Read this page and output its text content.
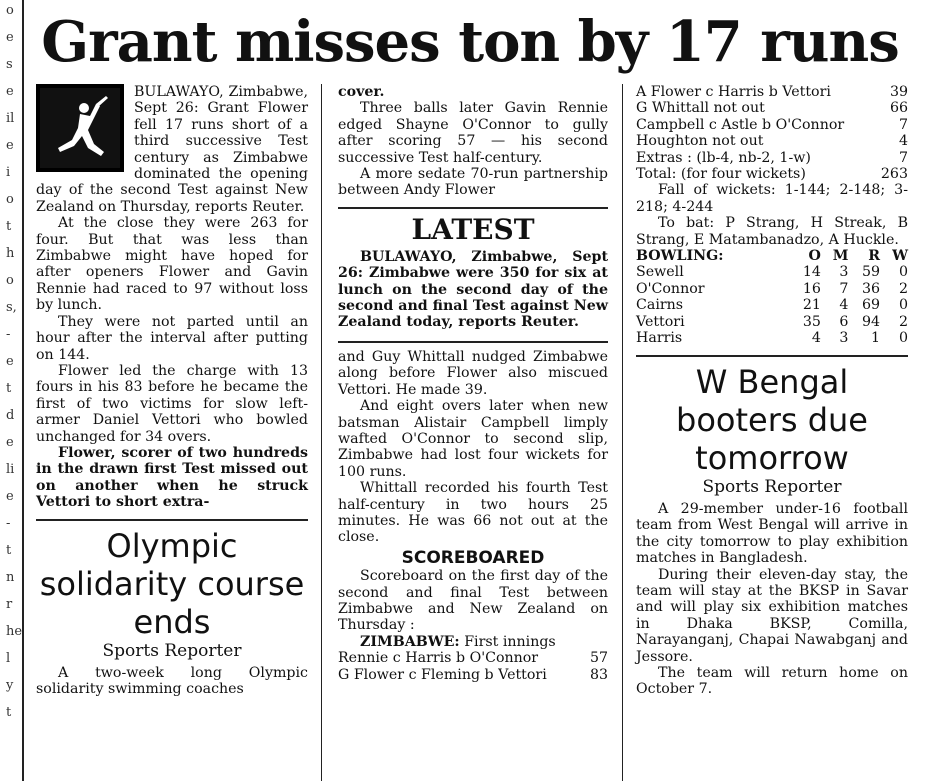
o
e
s
e
il
e
i
o
t
h
o
s,
-
e
t
d
e
li
e
-
t
n
r
he
l
y
t
Grant misses ton by 17 runs

BULAWAYO, Zimbabwe, Sept 26: Grant Flower fell 17 runs short of a third successive Test century as Zimbabwe dominated the opening day of the second Test against New Zealand on Thursday, reports Reuter.

At the close they were 263 for four. But that was less than Zimbabwe might have hoped for after openers Flower and Gavin Rennie had raced to 97 without loss by lunch.

They were not parted until an hour after the interval after putting on 144.

Flower led the charge with 13 fours in his 83 before he became the first of two victims for slow left-armer Daniel Vettori who bowled unchanged for 34 overs.

Flower, scorer of two hundreds in the drawn first Test missed out on another when he struck Vettori to short extra-

Olympic solidarity course ends
Sports Reporter

A two-week long Olympic solidarity swimming coaches

cover.

Three balls later Gavin Rennie edged Shayne O'Connor to gully after scoring 57 — his second successive Test half-century.

A more sedate 70-run partnership between Andy Flower

LATEST

BULAWAYO, Zimbabwe, Sept 26: Zimbabwe were 350 for six at lunch on the second day of the second and final Test against New Zealand today, reports Reuter.

and Guy Whittall nudged Zimbabwe along before Flower also miscued Vettori. He made 39.

And eight overs later when new batsman Alistair Campbell limply wafted O'Connor to second slip, Zimbabwe had lost four wickets for 100 runs.

Whittall recorded his fourth Test half-century in two hours 25 minutes. He was 66 not out at the close.

SCOREBOARED

Scoreboard on the first day of the second and final Test between Zimbabwe and New Zealand on Thursday :

ZIMBABWE: First innings

Rennie c Harris b O'Connor	57
G Flower c Fleming b Vettori	83
A Flower c Harris b Vettori	39
G Whittall not out	66
Campbell c Astle b O'Connor	7
Houghton not out	4
Extras : (lb-4, nb-2, 1-w)	7
Total: (for four wickets)	263

Fall of wickets: 1-144; 2-148; 3-218; 4-244

To bat: P Strang, H Streak, B Strang, E Matambanadzo, A Huckle.

BOWLING:	O	M	R	W
Sewell	14	3	59	0
O'Connor	16	7	36	2
Cairns	21	4	69	0
Vettori	35	6	94	2
Harris	4	3	1	0
W Bengal booters due tomorrow
Sports Reporter

A 29-member under-16 football team from West Bengal will arrive in the city tomorrow to play exhibition matches in Bangladesh.

During their eleven-day stay, the team will stay at the BKSP in Savar and will play six exhibition matches in Dhaka BKSP, Comilla, Narayanganj, Chapai Nawabganj and Jessore.

The team will return home on October 7.
